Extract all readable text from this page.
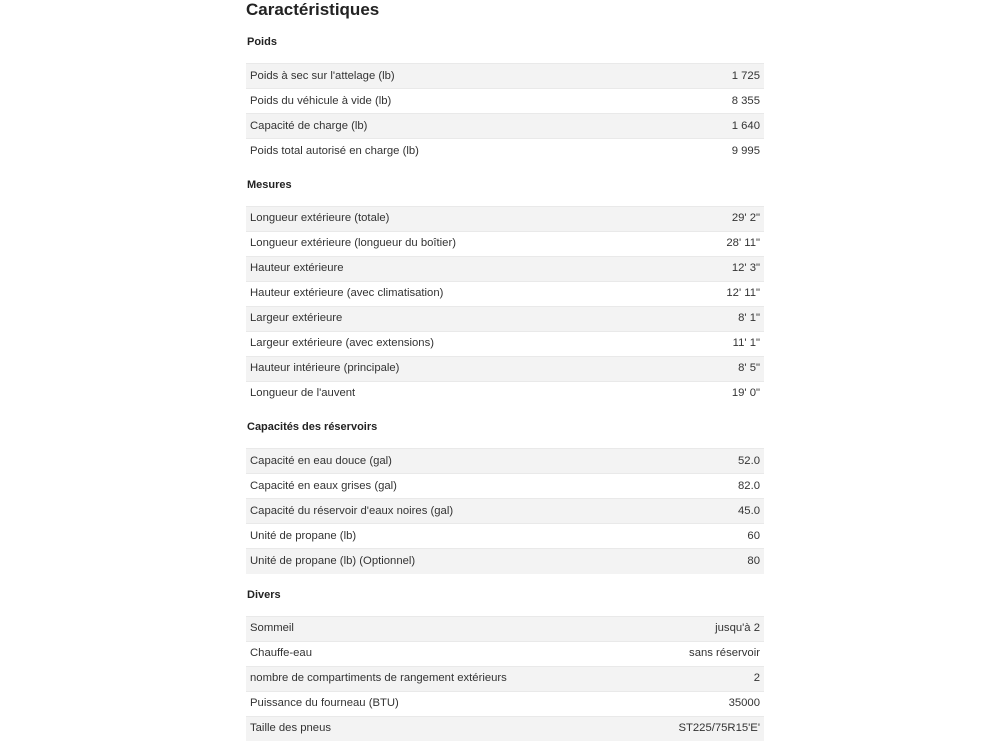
Caractéristiques
Poids
Poids à sec sur l'attelage (lb)	1 725
Poids du véhicule à vide (lb)	8 355
Capacité de charge (lb)	1 640
Poids total autorisé en charge (lb)	9 995
Mesures
Longueur extérieure (totale)	29' 2"
Longueur extérieure (longueur du boîtier)	28' 11"
Hauteur extérieure	12' 3"
Hauteur extérieure (avec climatisation)	12' 11"
Largeur extérieure	8' 1"
Largeur extérieure (avec extensions)	11' 1"
Hauteur intérieure (principale)	8' 5"
Longueur de l'auvent	19' 0"
Capacités des réservoirs
Capacité en eau douce (gal)	52.0
Capacité en eaux grises (gal)	82.0
Capacité du réservoir d'eaux noires (gal)	45.0
Unité de propane (lb)	60
Unité de propane (lb) (Optionnel)	80
Divers
Sommeil	jusqu'à 2
Chauffe-eau	sans réservoir
nombre de compartiments de rangement extérieurs	2
Puissance du fourneau (BTU)	35000
Taille des pneus	ST225/75R15'E'
